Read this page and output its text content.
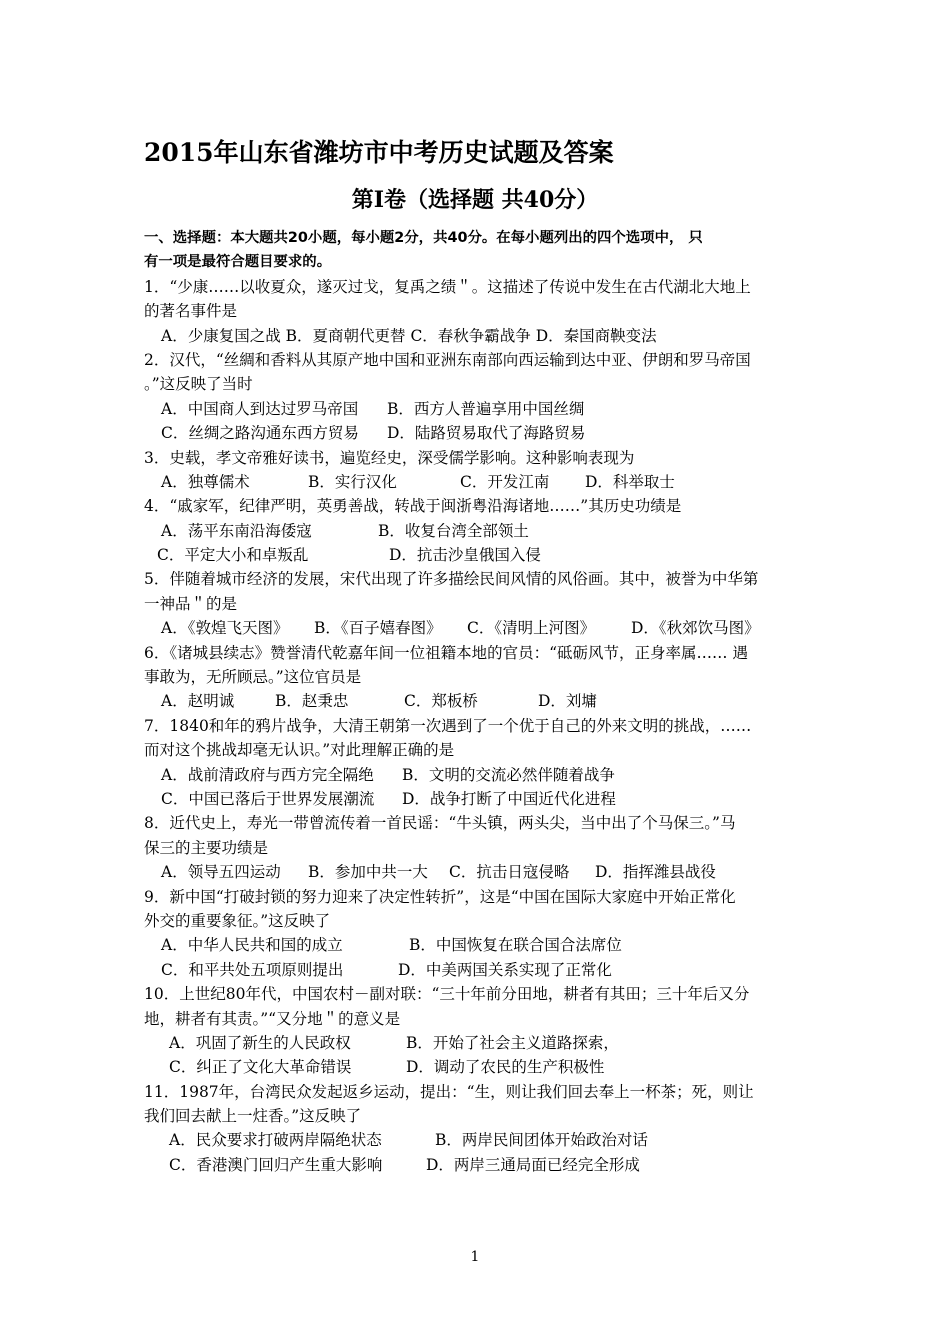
2015年山东省潍坊市中考历史试题及答案
第Ⅰ卷（选择题 共40分）
一、选择题：本大题共20小题，每小题2分，共40分。在每小题列出的四个选项中， 只
有一项是最符合题目要求的。
1．“少康……以收夏众，遂灭过戈，复禹之绩＂。这描述了传说中发生在古代湖北大地上
的著名事件是
A．少康复国之战 B．夏商朝代更替 C．春秋争霸战争 D．秦国商鞅变法
2．汉代，“丝綢和香料从其原产地中国和亚洲东南部向西运输到达中亚、伊朗和罗马帝国
。”这反映了当时
A．中国商人到达过罗马帝国B．西方人普遍享用中国丝绸
C．丝绸之路沟通东西方贸易D．陆路贸易取代了海路贸易
3．史载，孝文帝雅好读书，遍览经史，深受儒学影响。这种影响表现为
A．独尊儒术	B．实行汉化	C．开发江南 D．科举取士
4．“戚家军，纪律严明，英勇善战，转战于闽浙粤沿海诸地……”其历史功绩是
A．荡平东南沿海倭寇	B．收复台湾全部领土
C．平定大小和卓叛乱	D．抗击沙皇俄国入侵
5．伴随着城市经济的发展，宋代出现了许多描绘民间风情的风俗画。其中，被誉为中华第
一神品＂的是
A．《敦煌飞天图》 B．《百子嬉春图》 C．《清明上河图》 D．《秋郊饮马图》
6．《诸城县续志》赞誉清代乾嘉年间一位祖籍本地的官员：“砥砺风节，正身率属…… 遇
事敢为，无所顾忌。”这位官员是
A．赵明诚	B．赵秉忠	C．郑板桥	D．刘墉
7．1840和年的鸦片战争，大清王朝第一次遇到了一个优于自己的外来文明的挑战，……
而对这个挑战却毫无认识。”对此理解正确的是
A．战前清政府与西方完全隔绝B．文明的交流必然伴随着战争
C．中国已落后于世界发展潮流D．战争打断了中国近代化进程
8．近代史上，寿光一带曾流传着一首民谣：“牛头镇，两头尖，当中出了个马保三。”马
保三的主要功绩是
A．领导五四运动B．参加中共一大C．抗击日寇侵略D．指挥潍县战役
9．新中国“打破封锁的努力迎来了决定性转折”，这是“中国在国际大家庭中开始正常化
外交的重要象征。”这反映了
A．中华人民共和国的成立	B．中国恢复在联合国合法席位
C．和平共处五项原则提出	D．中美两国关系实现了正常化
10．上世纪80年代，中国农村－副对联：“三十年前分田地，耕者有其田；三十年后又分
地，耕者有其责。”“又分地＂的意义是
A．巩固了新生的人民政权	B．开始了社会主义道路探索，
C．纠正了文化大革命错误	D．调动了农民的生产积极性
11．1987年，台湾民众发起返乡运动，提出：“生，则让我们回去奉上一杯茶；死，则让
我们回去献上一炷香。”这反映了
A．民众要求打破两岸隔绝状态	B．两岸民间团体开始政治对话
C．香港澳门回归产生重大影响	D．两岸三通局面已经完全形成
1
